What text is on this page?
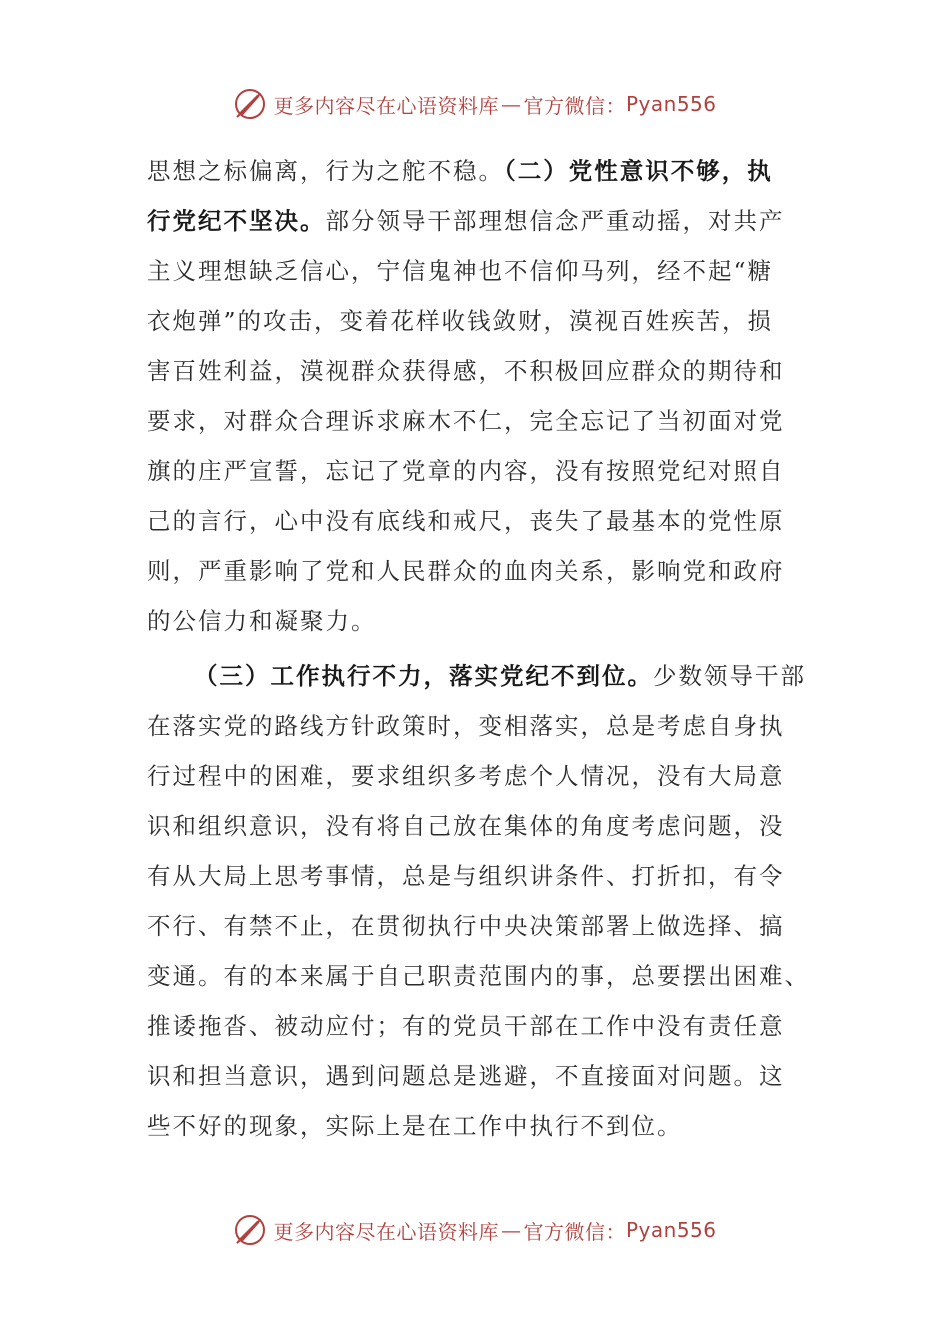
更多内容尽在心语资料库 — 官方微信： Pyan556
思想之标偏离，行为之舵不稳。（二）党性意识不够，执
行党纪不坚决。部分领导干部理想信念严重动摇，对共产
主义理想缺乏信心，宁信鬼神也不信仰马列，经不起“糖
衣炮弹”的攻击，变着花样收钱敛财，漠视百姓疾苦，损
害百姓利益，漠视群众获得感，不积极回应群众的期待和
要求，对群众合理诉求麻木不仁，完全忘记了当初面对党
旗的庄严宣誓，忘记了党章的内容，没有按照党纪对照自
己的言行，心中没有底线和戒尺，丧失了最基本的党性原
则，严重影响了党和人民群众的血肉关系，影响党和政府
的公信力和凝聚力。
（三）工作执行不力，落实党纪不到位。少数领导干部
在落实党的路线方针政策时，变相落实，总是考虑自身执
行过程中的困难，要求组织多考虑个人情况，没有大局意
识和组织意识，没有将自己放在集体的角度考虑问题，没
有从大局上思考事情，总是与组织讲条件、打折扣，有令
不行、有禁不止，在贯彻执行中央决策部署上做选择、搞
变通。有的本来属于自己职责范围内的事，总要摆出困难、
推诿拖沓、被动应付；有的党员干部在工作中没有责任意
识和担当意识，遇到问题总是逃避，不直接面对问题。这
些不好的现象，实际上是在工作中执行不到位。
更多内容尽在心语资料库 — 官方微信： Pyan556
